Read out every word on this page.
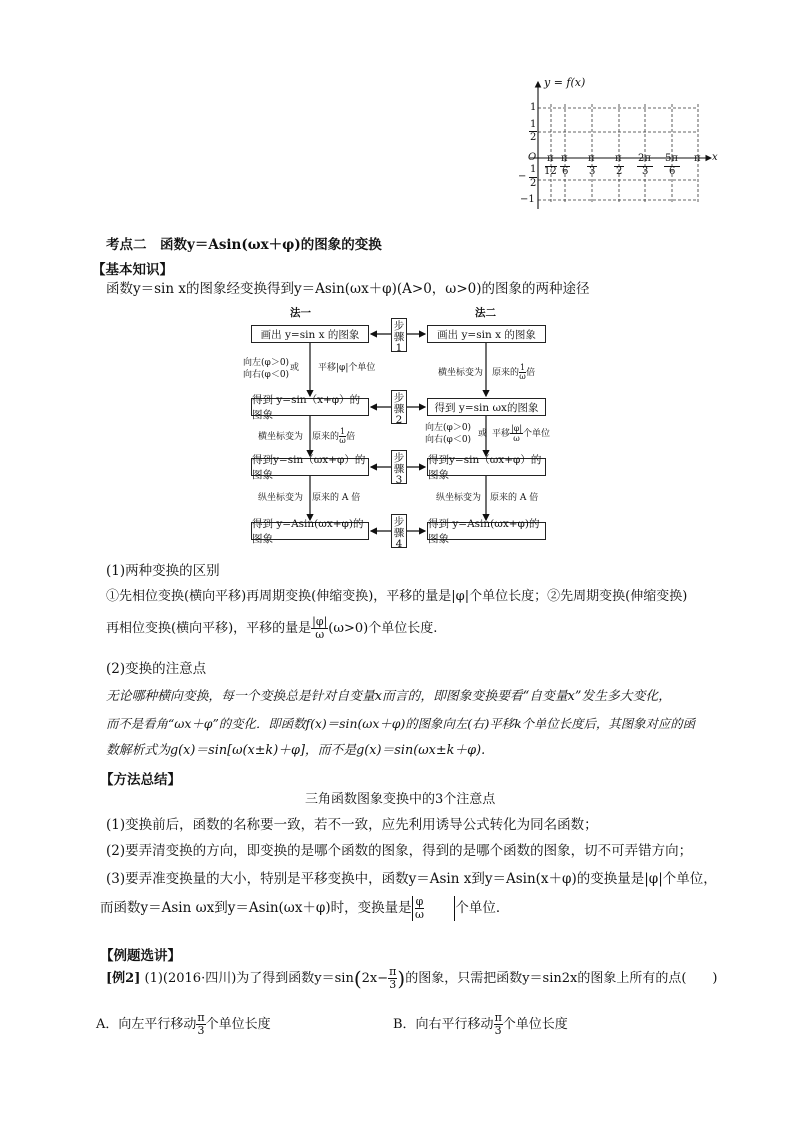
y = f(x)
x
O
1
1
2
−
1
2
−1
π
12
π
6
π
3
π
2
2π
3
5π
6
π
考点二　函数y＝Asin(ωx＋φ)的图象的变换
【基本知识】
函数y＝sin x的图象经变换得到y＝Asin(ωx＋φ)(A>0，ω>0)的图象的两种途径
法一	法二
画出 y=sin x 的图象
得到 y=sin（x+φ）的图象
得到y=sin（ωx+φ）的图象
得到 y=Asin(ωx+φ)的图象
画出 y=sin x 的图象
得到 y=sin ωx的图象
得到y=sin（ωx+φ）的图象
得到 y=Asin(ωx+φ)的图象
步
骤
1
步
骤
2
步
骤
3
步
骤
4
向左(φ＞0)
向右(φ＜0)
或 平移|φ|个单位
横坐标变为　原来的 $\frac{1}{\omega}$ 倍
纵坐标变为　原来的 A 倍
横坐标变为　原来的 $\frac{1}{\omega}$ 倍
向左(φ＞0)
向右(φ＜0)
或 平移 $\frac{|\varphi|}{\omega}$ 个单位
纵坐标变为　原来的 A 倍
(1)两种变换的区别
①先相位变换(横向平移)再周期变换(伸缩变换)，平移的量是|φ|个单位长度；②先周期变换(伸缩变换)
再相位变换(横向平移)，平移的量是 $\frac{|\varphi|}{\omega} (\omega>0)$个单位长度.
(2)变换的注意点
无论哪种横向变换，每一个变换总是针对自变量x而言的，即图象变换要看“自变量x”发生多大变化，
而不是看角“ωx＋φ”的变化．即函数f(x)＝sin(ωx＋φ)的图象向左(右)平移k个单位长度后，其图象对应的函
数解析式为g(x)＝sin[ω(x±k)＋φ]，而不是g(x)＝sin(ωx±k＋φ).
【方法总结】
三角函数图象变换中的3个注意点
(1)变换前后，函数的名称要一致，若不一致，应先利用诱导公式转化为同名函数；
(2)要弄清变换的方向，即变换的是哪个函数的图象，得到的是哪个函数的图象，切不可弄错方向；
(3)要弄准变换量的大小，特别是平移变换中，函数y＝Asin x到y＝Asin(x＋φ)的变换量是|φ|个单位，
而函数y＝Asin ωx到y＝Asin(ωx＋φ)时，变换量是 $\frac{\varphi}{\omega}$ 个单位．
【例题选讲】
[例2] (1)(2016·四川)为了得到函数$y=\sin(2x- \frac{\pi}{3}$ )的图象，只需把函数y＝sin2x的图象上所有的点(　　)
A．向左平行移动 $\frac{\pi}{3}$ 个单位长度	B．向右平行移动 $\frac{\pi}{3}$ 个单位长度
